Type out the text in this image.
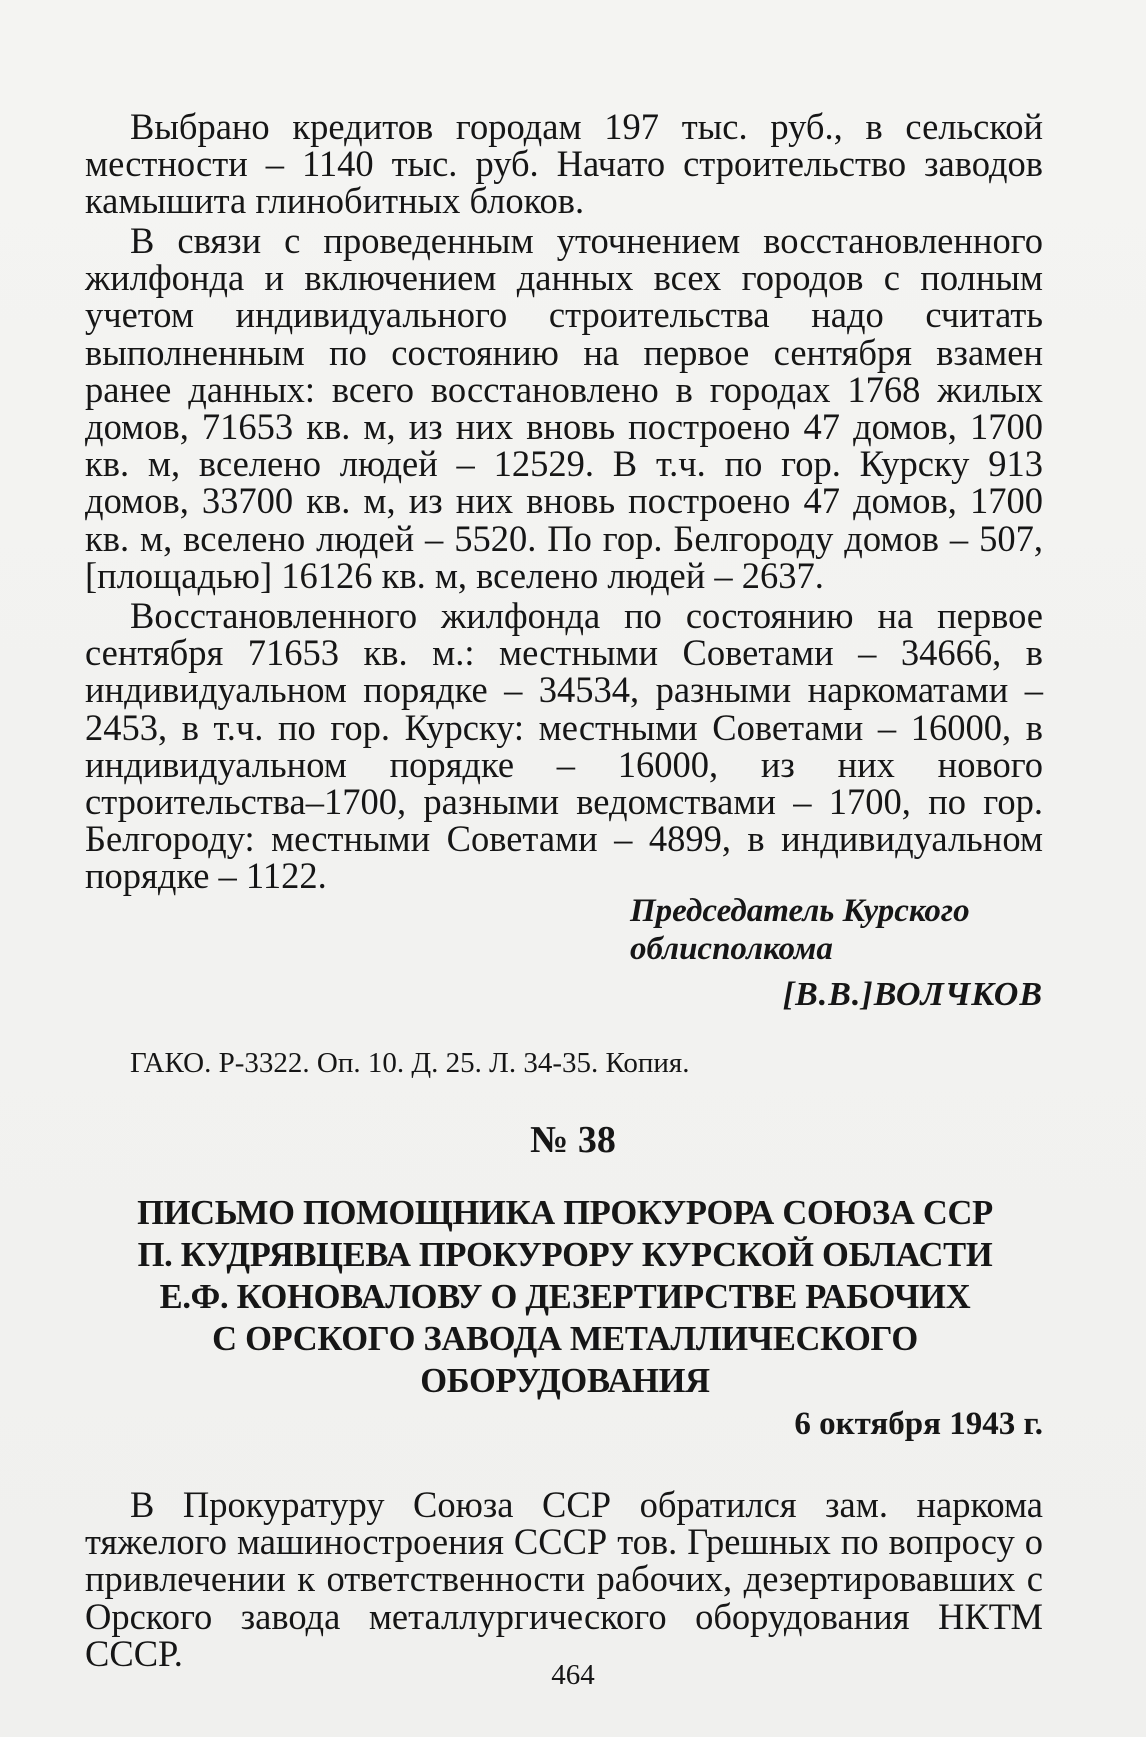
Выбрано кредитов городам 197 тыс. руб., в сельской местности – 1140 тыс. руб. Начато строительство заводов камышита глинобитных блоков.

В связи с проведенным уточнением восстановленного жилфонда и включением данных всех городов с полным учетом индивидуального строительства надо считать выполненным по состоянию на первое сентября взамен ранее данных: всего восстановлено в городах 1768 жилых домов, 71653 кв. м, из них вновь построено 47 домов, 1700 кв. м, вселено людей – 12529. В т.ч. по гор. Курску 913 домов, 33700 кв. м, из них вновь построено 47 домов, 1700 кв. м, вселено людей – 5520. По гор. Белгороду домов – 507, [площадью] 16126 кв. м, вселено людей – 2637.

Восстановленного жилфонда по состоянию на первое сентября 71653 кв. м.: местными Советами – 34666, в индивидуальном порядке – 34534, разными наркоматами – 2453, в т.ч. по гор. Курску: местными Советами – 16000, в индивидуальном порядке – 16000, из них нового строительства–1700, разными ведомствами – 1700, по гор. Белгороду: местными Советами – 4899, в индивидуальном порядке – 1122.

Председатель Курского
облисполкома
[В.В.]ВОЛЧКОВ
ГАКО. Р-3322. Оп. 10. Д. 25. Л. 34-35. Копия.
№ 38
ПИСЬМО ПОМОЩНИКА ПРОКУРОРА СОЮЗА ССР
П. КУДРЯВЦЕВА ПРОКУРОРУ КУРСКОЙ ОБЛАСТИ
Е.Ф. КОНОВАЛОВУ О ДЕЗЕРТИРСТВЕ РАБОЧИХ
С ОРСКОГО ЗАВОДА МЕТАЛЛИЧЕСКОГО
ОБОРУДОВАНИЯ
6 октября 1943 г.

В Прокуратуру Союза ССР обратился зам. наркома тяжелого машиностроения СССР тов. Грешных по вопросу о привлечении к ответственности рабочих, дезертировавших с Орского завода металлургического оборудования НКТМ СССР.

464
